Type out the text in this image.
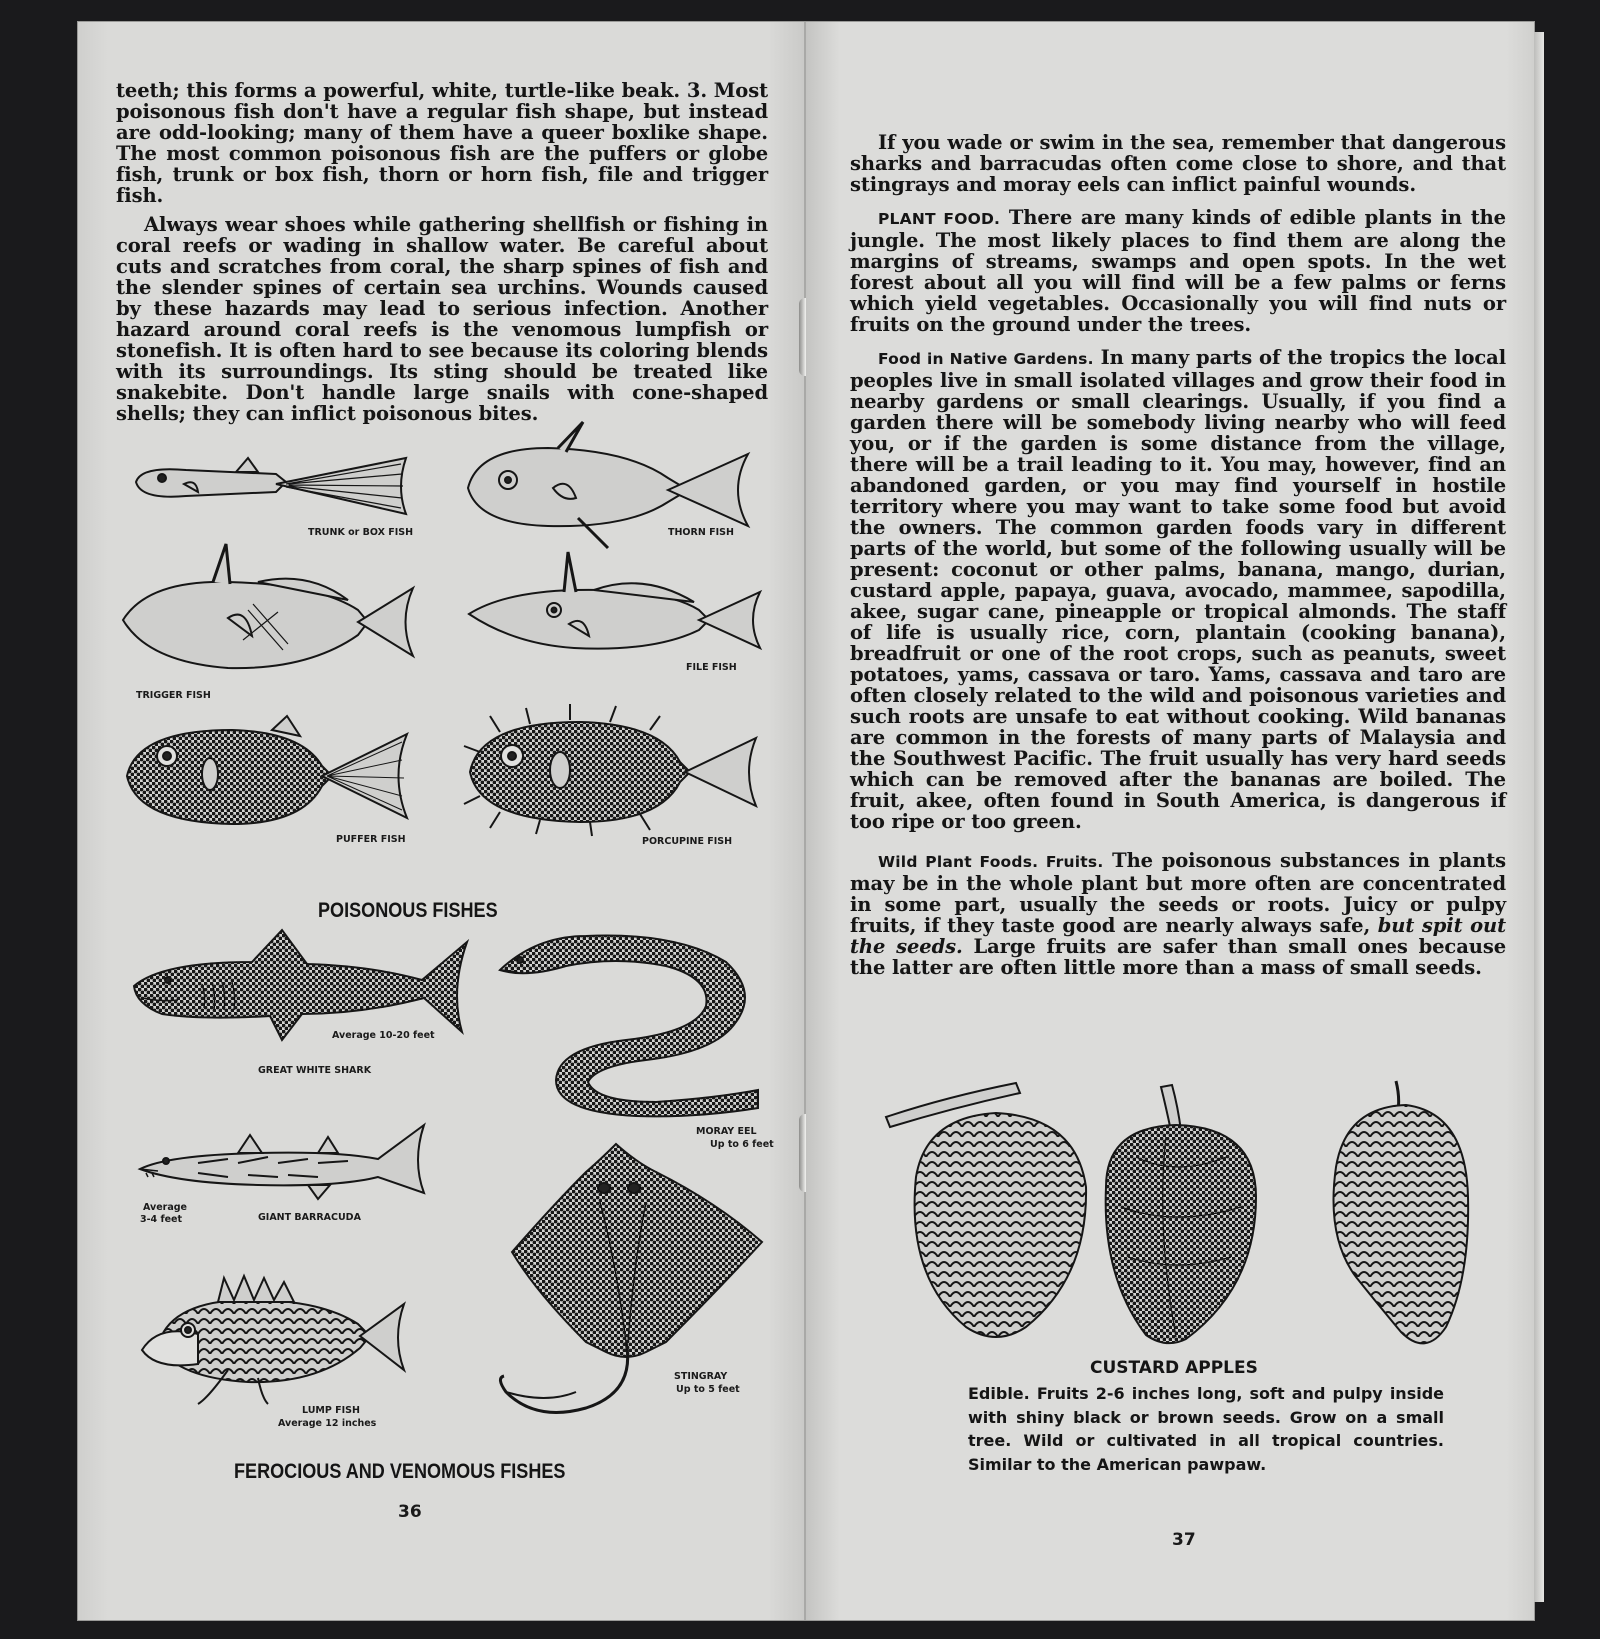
teeth; this forms a powerful, white, turtle-like beak. 3. Most poisonous fish don't have a regular fish shape, but instead are odd-looking; many of them have a queer boxlike shape. The most common poisonous fish are the puffers or globe fish, trunk or box fish, thorn or horn fish, file and trigger fish.

Always wear shoes while gathering shellfish or fishing in coral reefs or wading in shallow water. Be careful about cuts and scratches from coral, the sharp spines of fish and the slender spines of certain sea urchins. Wounds caused by these hazards may lead to serious infection. Another hazard around coral reefs is the venomous lumpfish or stonefish. It is often hard to see because its coloring blends with its surroundings. Its sting should be treated like snakebite. Don't handle large snails with cone-shaped shells; they can inflict poisonous bites.

TRUNK or BOX FISH	THORN FISH
TRIGGER FISH
FILE FISH
PUFFER FISH	PORCUPINE FISH
POISONOUS FISHES
Average 10-20 feet
GREAT WHITE SHARK
MORAY EEL
Up to 6 feet
Average
3-4 feet	GIANT BARRACUDA
STINGRAY
Up to 5 feet
LUMP FISH
Average 12 inches
FEROCIOUS AND VENOMOUS FISHES
36

If you wade or swim in the sea, remember that dangerous sharks and barracudas often come close to shore, and that stingrays and moray eels can inflict painful wounds.

PLANT FOOD. There are many kinds of edible plants in the jungle. The most likely places to find them are along the margins of streams, swamps and open spots. In the wet forest about all you will find will be a few palms or ferns which yield vegetables. Occasionally you will find nuts or fruits on the ground under the trees.

Food in Native Gardens. In many parts of the tropics the local peoples live in small isolated villages and grow their food in nearby gardens or small clearings. Usually, if you find a garden there will be somebody living nearby who will feed you, or if the garden is some distance from the village, there will be a trail leading to it. You may, however, find an abandoned garden, or you may find yourself in hostile territory where you may want to take some food but avoid the owners. The common garden foods vary in different parts of the world, but some of the following usually will be present: coconut or other palms, banana, mango, durian, custard apple, papaya, guava, avocado, mammee, sapodilla, akee, sugar cane, pineapple or tropical almonds. The staff of life is usually rice, corn, plantain (cooking banana), breadfruit or one of the root crops, such as peanuts, sweet potatoes, yams, cassava or taro. Yams, cassava and taro are often closely related to the wild and poisonous varieties and such roots are unsafe to eat without cooking. Wild bananas are common in the forests of many parts of Malaysia and the Southwest Pacific. The fruit usually has very hard seeds which can be removed after the bananas are boiled. The fruit, akee, often found in South America, is dangerous if too ripe or too green.

Wild Plant Foods. Fruits. The poisonous substances in plants may be in the whole plant but more often are concentrated in some part, usually the seeds or roots. Juicy or pulpy fruits, if they taste good are nearly always safe, but spit out the seeds. Large fruits are safer than small ones because the latter are often little more than a mass of small seeds.

CUSTARD APPLES
Edible. Fruits 2-6 inches long, soft and pulpy inside with shiny black or brown seeds. Grow on a small tree. Wild or cultivated in all tropical countries. Similar to the American pawpaw.
37
